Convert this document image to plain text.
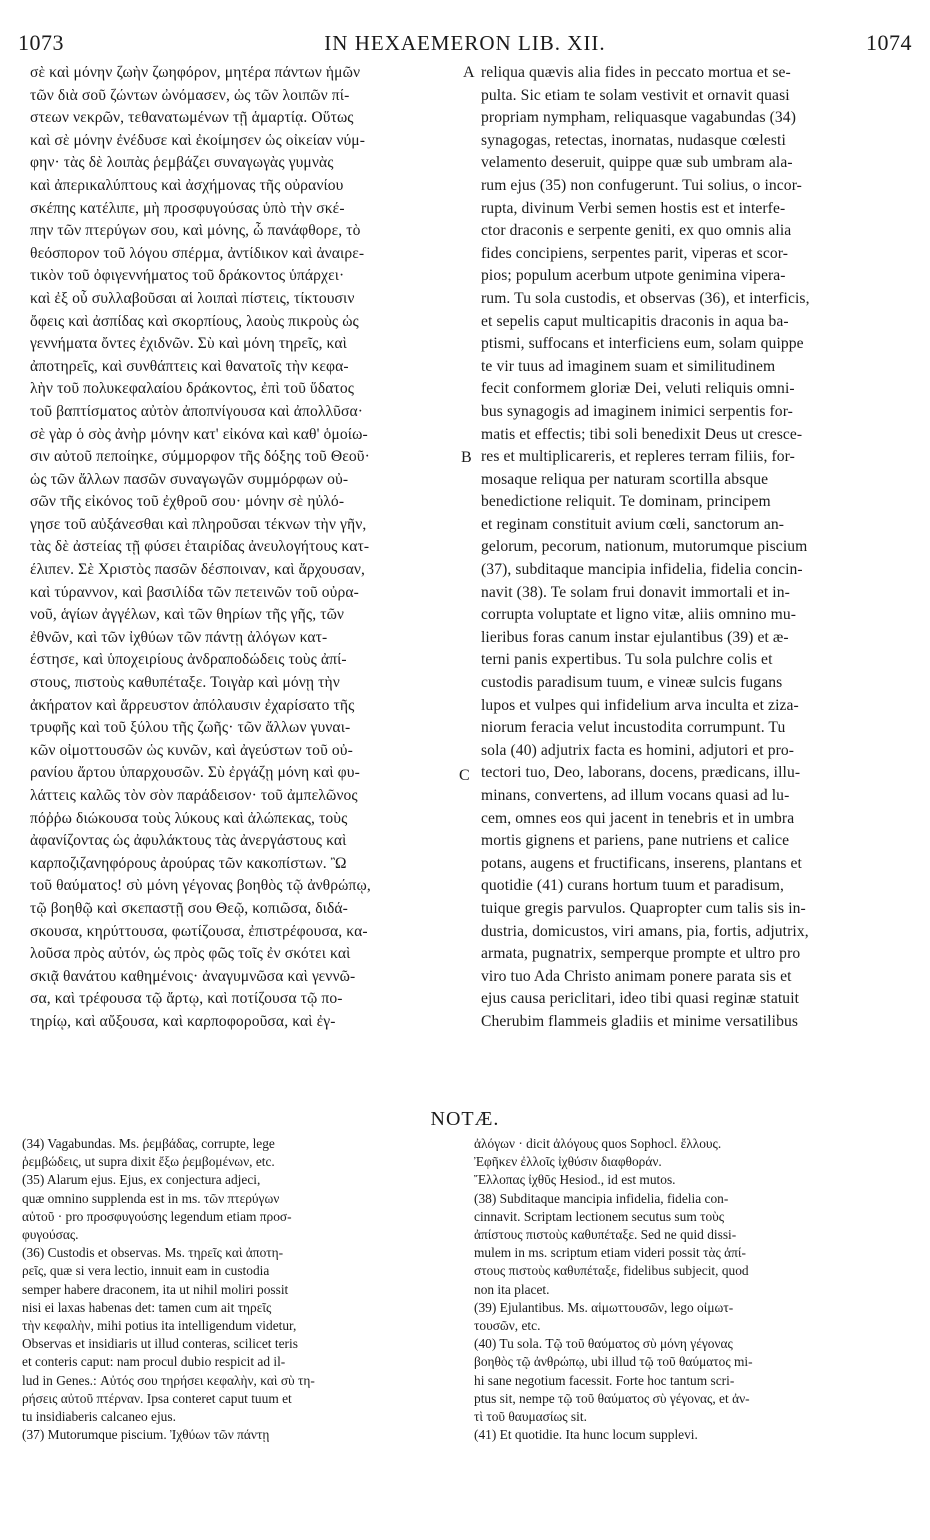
1073	IN HEXAEMERON LIB. XII.	1074
σὲ καὶ μόνην ζωὴν ζωηφόρον, μητέρα πάντων ἡμῶν
τῶν διὰ σοῦ ζώντων ὠνόμασεν, ὡς τῶν λοιπῶν πί-
στεων νεκρῶν, τεθανατωμένων τῇ ἁμαρτίᾳ. Οὕτως
καὶ σὲ μόνην ἐνέδυσε καὶ ἐκοίμησεν ὡς οἰκείαν νύμ-
φην· τὰς δὲ λοιπὰς ῥεμβάζει συναγωγὰς γυμνὰς
καὶ ἀπερικαλύπτους καὶ ἀσχήμονας τῆς οὐρανίου
σκέπης κατέλιπε, μὴ προσφυγούσας ὑπὸ τὴν σκέ-
πην τῶν πτερύγων σου, καὶ μόνης, ὦ πανάφθορε, τὸ
θεόσπορον τοῦ λόγου σπέρμα, ἀντίδικον καὶ ἀναιρε-
τικὸν τοῦ ὀφιγεννήματος τοῦ δράκοντος ὑπάρχει·
καὶ ἐξ οὗ συλλαβοῦσαι αἱ λοιπαὶ πίστεις, τίκτουσιν
ὄφεις καὶ ἀσπίδας καὶ σκορπίους, λαοὺς πικροὺς ὡς
γεννήματα ὄντες ἐχιδνῶν. Σὺ καὶ μόνη τηρεῖς, καὶ
ἀποτηρεῖς, καὶ συνθάπτεις καὶ θανατοῖς τὴν κεφα-
λὴν τοῦ πολυκεφαλαίου δράκοντος, ἐπὶ τοῦ ὕδατος
τοῦ βαπτίσματος αὐτὸν ἀποπνίγουσα καὶ ἀπολλῦσα·
σὲ γὰρ ὁ σὸς ἀνὴρ μόνην κατ' εἰκόνα καὶ καθ' ὁμοίω-
σιν αὐτοῦ πεποίηκε, σύμμορφον τῆς δόξης τοῦ Θεοῦ·
ὡς τῶν ἄλλων πασῶν συναγωγῶν συμμόρφων οὐ-
σῶν τῆς εἰκόνος τοῦ ἐχθροῦ σου· μόνην σὲ ηὐλό-
γησε τοῦ αὐξάνεσθαι καὶ πληροῦσαι τέκνων τὴν γῆν,
τὰς δὲ ἀστείας τῇ φύσει ἑταιρίδας ἀνευλογήτους κατ-
έλιπεν. Σὲ Χριστὸς πασῶν δέσποιναν, καὶ ἄρχουσαν,
καὶ τύραννον, καὶ βασιλίδα τῶν πετεινῶν τοῦ οὐρα-
νοῦ, ἁγίων ἀγγέλων, καὶ τῶν θηρίων τῆς γῆς, τῶν
ἐθνῶν, καὶ τῶν ἰχθύων τῶν πάντῃ ἀλόγων κατ-
έστησε, καὶ ὑποχειρίους ἀνδραποδώδεις τοὺς ἀπί-
στους, πιστοὺς καθυπέταξε. Τοιγὰρ καὶ μόνῃ τὴν
ἀκήρατον καὶ ἄρρευστον ἀπόλαυσιν ἐχαρίσατο τῆς
τρυφῆς καὶ τοῦ ξύλου τῆς ζωῆς· τῶν ἄλλων γυναι-
κῶν οἰμοττουσῶν ὡς κυνῶν, καὶ ἀγεύστων τοῦ οὐ-
ρανίου ἄρτου ὑπαρχουσῶν. Σὺ ἐργάζῃ μόνη καὶ φυ-
λάττεις καλῶς τὸν σὸν παράδεισον· τοῦ ἀμπελῶνος
πόῤῥω διώκουσα τοὺς λύκους καὶ ἀλώπεκας, τοὺς
ἀφανίζοντας ὡς ἀφυλάκτους τὰς ἀνεργάστους καὶ
καρποζιζανηφόρους ἀρούρας τῶν κακοπίστων. Ὢ
τοῦ θαύματος! σὺ μόνη γέγονας βοηθὸς τῷ ἀνθρώπῳ,
τῷ βοηθῷ καὶ σκεπαστῇ σου Θεῷ, κοπιῶσα, διδά-
σκουσα, κηρύττουσα, φωτίζουσα, ἐπιστρέφουσα, κα-
λοῦσα πρὸς αὐτόν, ὡς πρὸς φῶς τοῖς ἐν σκότει καὶ
σκιᾷ θανάτου καθημένοις· ἀναγυμνῶσα καὶ γεννῶ-
σα, καὶ τρέφουσα τῷ ἄρτῳ, καὶ ποτίζουσα τῷ πο-
τηρίῳ, καὶ αὔξουσα, καὶ καρποφοροῦσα, καὶ ἐγ-
reliqua quævis alia fides in peccato mortua et se-
pulta. Sic etiam te solam vestivit et ornavit quasi
propriam nympham, reliquasque vagabundas (34)
synagogas, retectas, inornatas, nudasque cœlesti
velamento deseruit, quippe quæ sub umbram ala-
rum ejus (35) non confugerunt. Tui solius, o incor-
rupta, divinum Verbi semen hostis est et interfe-
ctor draconis e serpente geniti, ex quo omnis alia
fides concipiens, serpentes parit, viperas et scor-
pios; populum acerbum utpote genimina vipera-
rum. Tu sola custodis, et observas (36), et interficis,
et sepelis caput multicapitis draconis in aqua ba-
ptismi, suffocans et interficiens eum, solam quippe
te vir tuus ad imaginem suam et similitudinem
fecit conformem gloriæ Dei, veluti reliquis omni-
bus synagogis ad imaginem inimici serpentis for-
matis et effectis; tibi soli benedixit Deus ut cresce-
res et multiplicareris, et repleres terram filiis, for-
mosaque reliqua per naturam scortilla absque
benedictione reliquit. Te dominam, principem
et reginam constituit avium cœli, sanctorum an-
gelorum, pecorum, nationum, mutorumque piscium
(37), subditaque mancipia infidelia, fidelia concin-
navit (38). Te solam frui donavit immortali et in-
corrupta voluptate et ligno vitæ, aliis omnino mu-
lieribus foras canum instar ejulantibus (39) et æ-
terni panis expertibus. Tu sola pulchre colis et
custodis paradisum tuum, e vineæ sulcis fugans
lupos et vulpes qui infidelium arva inculta et ziza-
niorum feracia velut incustodita corrumpunt. Tu
sola (40) adjutrix facta es homini, adjutori et pro-
tectori tuo, Deo, laborans, docens, prædicans, illu-
minans, convertens, ad illum vocans quasi ad lu-
cem, omnes eos qui jacent in tenebris et in umbra
mortis gignens et pariens, pane nutriens et calice
potans, augens et fructificans, inserens, plantans et
quotidie (41) curans hortum tuum et paradisum,
tuique gregis parvulos. Quapropter cum talis sis in-
dustria, domicustos, viri amans, pia, fortis, adjutrix,
armata, pugnatrix, semperque prompte et ultro pro
viro tuo Ada Christo animam ponere parata sis et
ejus causa periclitari, ideo tibi quasi reginæ statuit
Cherubim flammeis gladiis et minime versatilibus
A
B
C
NOTÆ.
(34) Vagabundas. Ms. ῥεμβάδας, corrupte, lege
ῥεμβώδεις, ut supra dixit ἔξω ῥεμβομένων, etc.
(35) Alarum ejus. Ejus, ex conjectura adjeci,
quæ omnino supplenda est in ms. τῶν πτερύγων
αὐτοῦ · pro προσφυγούσης legendum etiam προσ-
φυγούσας.
(36) Custodis et observas. Ms. τηρεῖς καὶ ἀποτη-
ρεῖς, quæ si vera lectio, innuit eam in custodia
semper habere draconem, ita ut nihil moliri possit
nisi ei laxas habenas det: tamen cum ait τηρεῖς
τὴν κεφαλὴν, mihi potius ita intelligendum videtur,
Observas et insidiaris ut illud conteras, scilicet teris
et conteris caput: nam procul dubio respicit ad il-
lud in Genes.: Αὐτός σου τηρήσει κεφαλὴν, καὶ σὺ τη-
ρήσεις αὐτοῦ πτέρναν. Ipsa conteret caput tuum et
tu insidiaberis calcaneo ejus.
(37) Mutorumque piscium. Ἰχθύων τῶν πάντῃ
ἀλόγων · dicit ἀλόγους quos Sophocl. ἔλλους.
Ἐφῆκεν ἐλλοῖς ἰχθύσιν διαφθοράν.
Ἔλλοπας ἰχθῦς Hesiod., id est mutos.
(38) Subditaque mancipia infidelia, fidelia con-
cinnavit. Scriptam lectionem secutus sum τοὺς
ἀπίστους πιστοὺς καθυπέταξε. Sed ne quid dissi-
mulem in ms. scriptum etiam videri possit τὰς ἀπί-
στους πιστοὺς καθυπέταξε, fidelibus subjecit, quod
non ita placet.
(39) Ejulantibus. Ms. αἱμωττουσῶν, lego οἰμωτ-
τουσῶν, etc.
(40) Tu sola. Τῷ τοῦ θαύματος σὺ μόνη γέγονας
βοηθὸς τῷ ἀνθρώπῳ, ubi illud τῷ τοῦ θαύματος mi-
hi sane negotium facessit. Forte hoc tantum scri-
ptus sit, nempe τῷ τοῦ θαύματος σὺ γέγονας, et ἀν-
τὶ τοῦ θαυμασίως sit.
(41) Et quotidie. Ita hunc locum supplevi.
